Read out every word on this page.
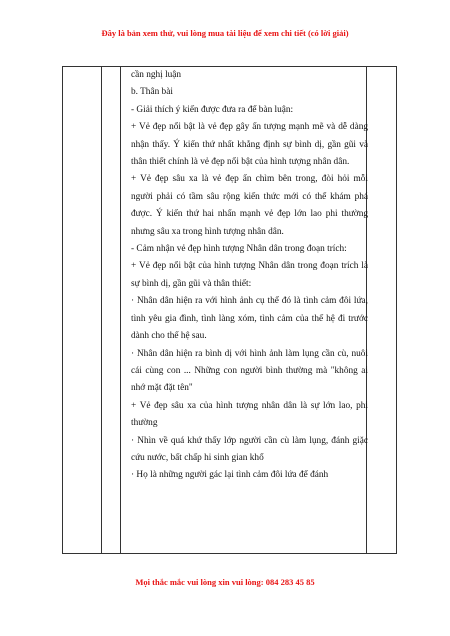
Đây là bản xem thử, vui lòng mua tài liệu để xem chi tiết (có lời giải)

cần nghị luận

b. Thân bài

- Giải thích ý kiến được đưa ra để bàn luận:

+ Vẻ đẹp nổi bật là vẻ đẹp gây ấn tượng mạnh mẽ và dễ dàng nhận thấy. Ý kiến thứ nhất khẳng định sự bình dị, gần gũi và thân thiết chính là vẻ đẹp nổi bật của hình tượng nhân dân.

+ Vẻ đẹp sâu xa là vẻ đẹp ẩn chìm bên trong, đòi hỏi mỗi người phải có tầm sâu rộng kiến thức mới có thể khám phá được. Ý kiến thứ hai nhấn mạnh vẻ đẹp lớn lao phi thường nhưng sâu xa trong hình tượng nhân dân.

- Cảm nhận vẻ đẹp hình tượng Nhân dân trong đoạn trích:

+ Vẻ đẹp nổi bật của hình tượng Nhân dân trong đoạn trích là sự bình dị, gần gũi và thân thiết:

· Nhân dân hiện ra với hình ảnh cụ thể đó là tình cảm đôi lứa, tình yêu gia đình, tình làng xóm, tình cảm của thế hệ đi trước dành cho thế hệ sau.

· Nhân dân hiện ra bình dị với hình ảnh làm lụng cần cù, nuôi cái cùng con ... Những con người bình thường mà "không ai nhớ mặt đặt tên"

+ Vẻ đẹp sâu xa của hình tượng nhân dân là sự lớn lao, phi thường

· Nhìn về quá khứ thấy lớp người cần cù làm lụng, đánh giặc cứu nước, bất chấp hi sinh gian khổ

· Họ là những người gác lại tình cảm đôi lứa để đánh

Mọi thắc mắc vui lòng xin vui lòng: 084 283 45 85
